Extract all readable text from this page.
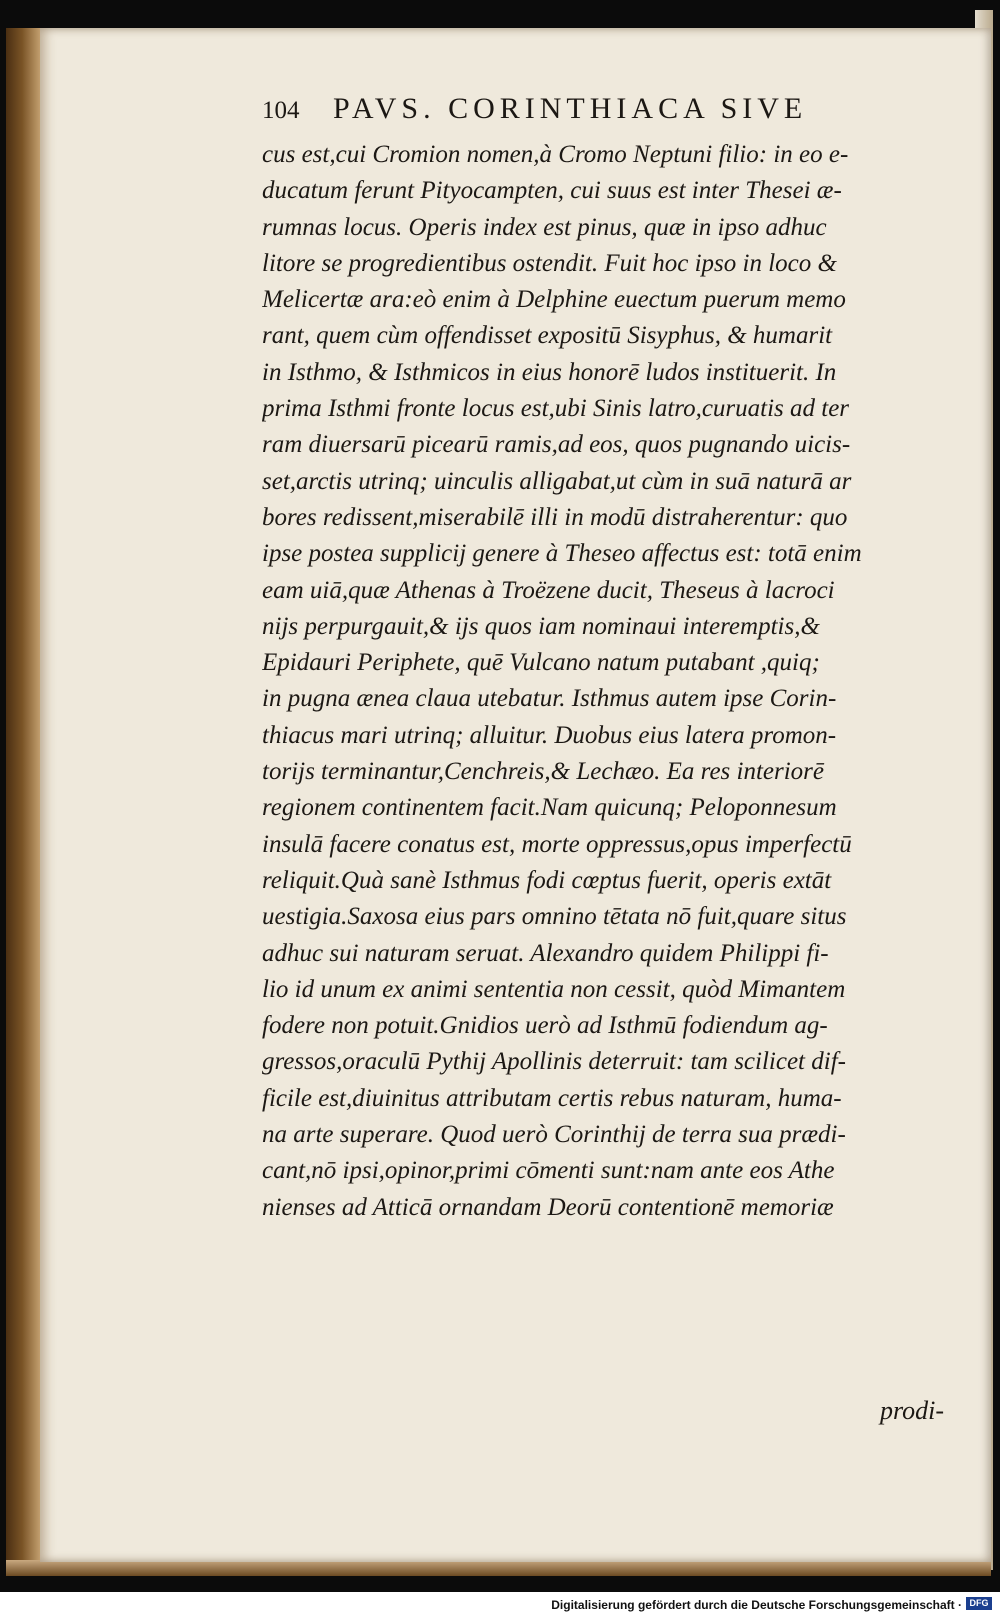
104 PAVS. CORINTHIACA SIVE
cus est,cui Cromion nomen,à Cromo Neptuni filio: in eo e-
ducatum ferunt Pityocampten, cui suus est inter Thesei æ-
rumnas locus. Operis index est pinus, quæ in ipso adhuc
litore se progredientibus ostendit. Fuit hoc ipso in loco &
Melicertæ ara:eò enim à Delphine euectum puerum memo
rant, quem cùm offendisset expositū Sisyphus, & humarit
in Isthmo, & Isthmicos in eius honorē ludos instituerit. In
prima Isthmi fronte locus est,ubi Sinis latro,curuatis ad ter
ram diuersarū picearū ramis,ad eos, quos pugnando uicis-
set,arctis utrinq; uinculis alligabat,ut cùm in suā naturā ar
bores redissent,miserabilē illi in modū distraherentur: quo
ipse postea supplicij genere à Theseo affectus est: totā enim
eam uiā,quæ Athenas à Troëzene ducit, Theseus à lacroci
nijs perpurgauit,& ijs quos iam nominaui interemptis,&
Epidauri Periphete, quē Vulcano natum putabant ,quiq;
in pugna ænea claua utebatur. Isthmus autem ipse Corin-
thiacus mari utrinq; alluitur. Duobus eius latera promon-
torijs terminantur,Cenchreis,& Lechæo. Ea res interiorē
regionem continentem facit.Nam quicunq; Peloponnesum
insulā facere conatus est, morte oppressus,opus imperfectū
reliquit.Quà sanè Isthmus fodi cœptus fuerit, operis extāt
uestigia.Saxosa eius pars omnino tētata nō fuit,quare situs
adhuc sui naturam seruat. Alexandro quidem Philippi fi-
lio id unum ex animi sententia non cessit, quòd Mimantem
fodere non potuit.Gnidios uerò ad Isthmū fodiendum ag-
gressos,oraculū Pythij Apollinis deterruit: tam scilicet dif-
ficile est,diuinitus attributam certis rebus naturam, huma-
na arte superare. Quod uerò Corinthij de terra sua prædi-
cant,nō ipsi,opinor,primi cōmenti sunt:nam ante eos Athe
nienses ad Atticā ornandam Deorū contentionē memoriæ
prodi-
Digitalisierung gefördert durch die Deutsche Forschungsgemeinschaft · DFG
